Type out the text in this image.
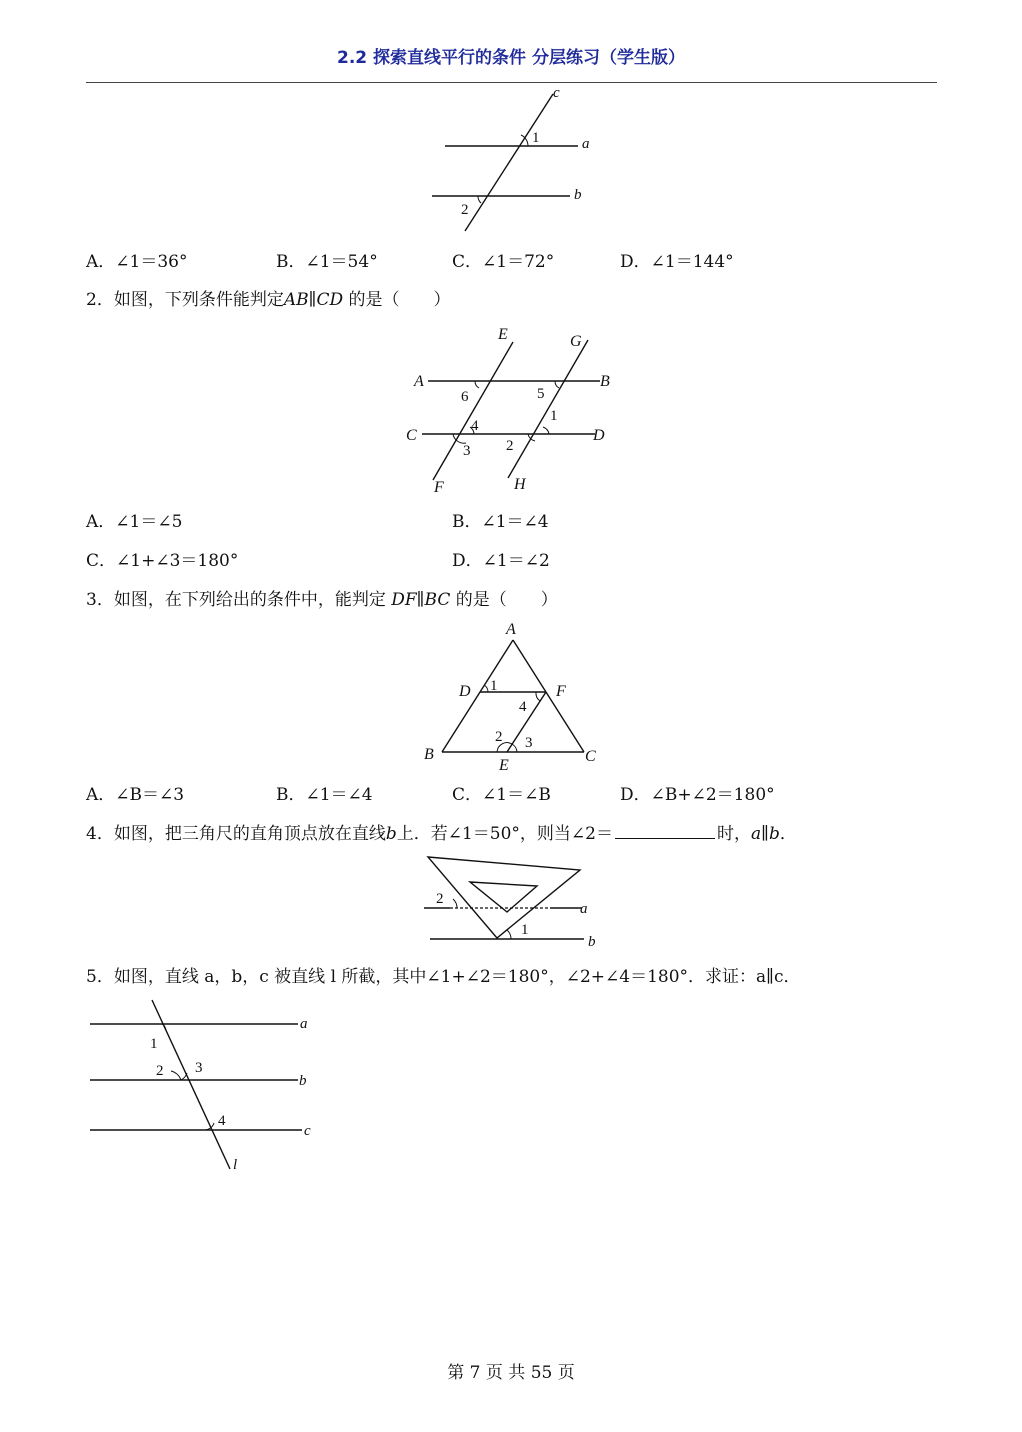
2.2 探索直线平行的条件 分层练习（学生版）
c
a
b
1
2
A．∠1＝36°	B．∠1＝54°	C．∠1＝72°	D．∠1＝144°
2．如图，下列条件能判定AB∥CD 的是（　　）
E	G
A	B
C	D
F	H
6	5
4
3
1
2
A．∠1＝∠5	B．∠1＝∠4
C．∠1+∠3＝180°	D．∠1＝∠2
3．如图，在下列给出的条件中，能判定 DF∥BC 的是（　　）
A
D	F
B
E
C
1
4
2 3
A．∠B＝∠3	B．∠1＝∠4	C．∠1＝∠B	D．∠B+∠2＝180°
4．如图，把三角尺的直角顶点放在直线b上．若∠1＝50°，则当∠2＝	时，a∥b．
2
1
a
b
5．如图，直线 a，b，c 被直线 l 所截，其中∠1+∠2＝180°，∠2+∠4＝180°．求证：a∥c．
a
b
c
l
1
2 3
4
第 7 页 共 55 页
